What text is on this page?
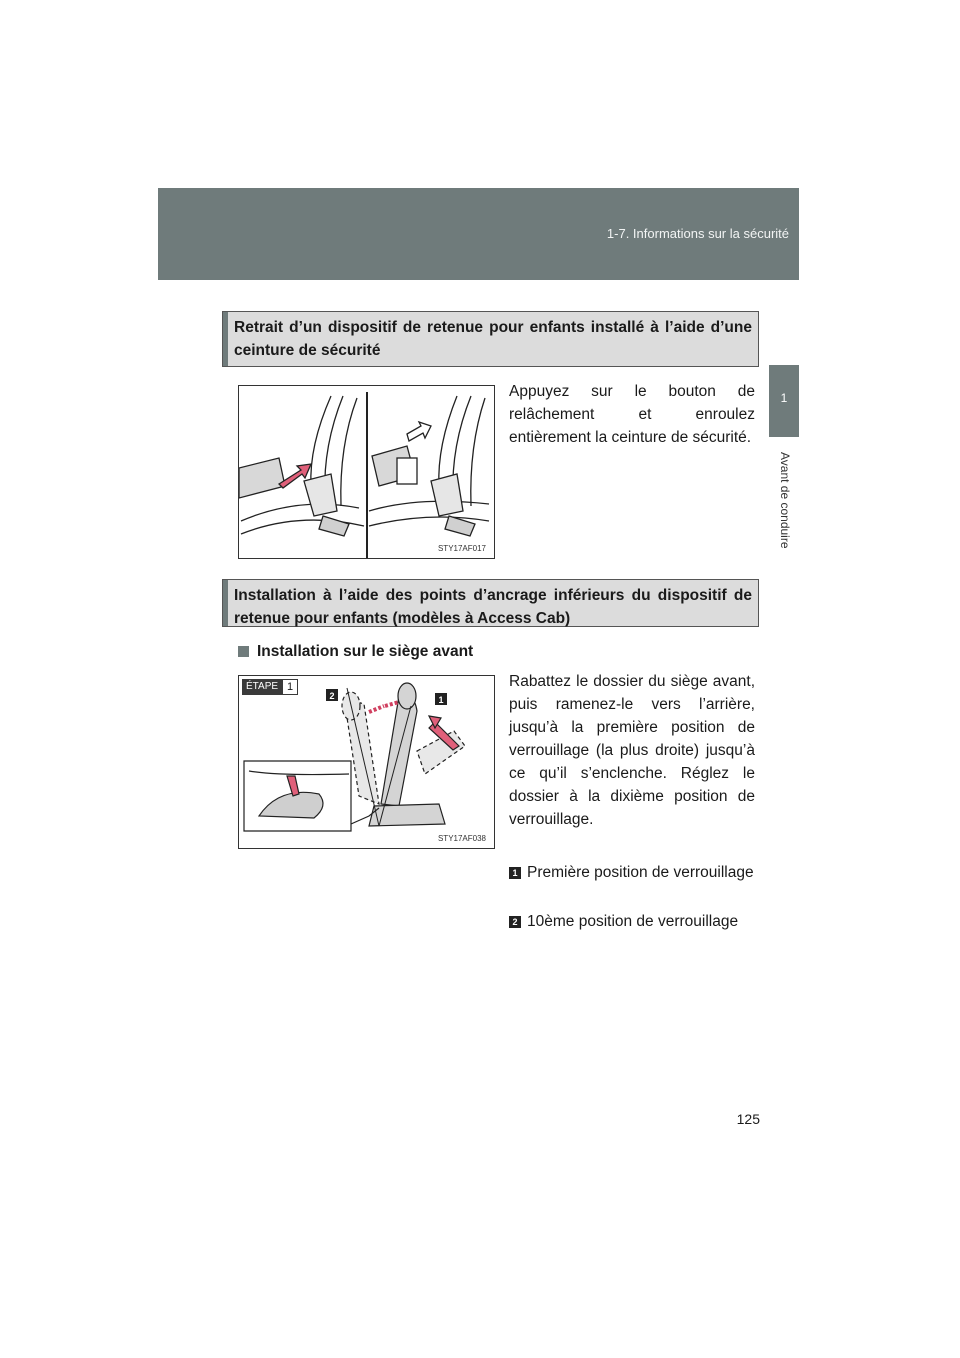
1-7. Informations sur la sécurité
1
Avant de conduire
Retrait d’un dispositif de retenue pour enfants installé à l’aide d’une ceinture de sécurité
STY17AF017
Appuyez sur le bouton de relâchement et enroulez entièrement la ceinture de sécurité.
Installation à l’aide des points d’ancrage inférieurs du dispositif de retenue pour enfants (modèles à Access Cab)
Installation sur le siège avant
ÉTAPE 1
2	1
STY17AF038
Rabattez le dossier du siège avant, puis ramenez-le vers l’arrière, jusqu’à la première position de verrouillage (la plus droite) jusqu’à ce qu’il s’enclenche. Réglez le dossier à la dixième position de verrouillage.
1 Première position de verrouillage
2 10ème position de verrouillage
125
